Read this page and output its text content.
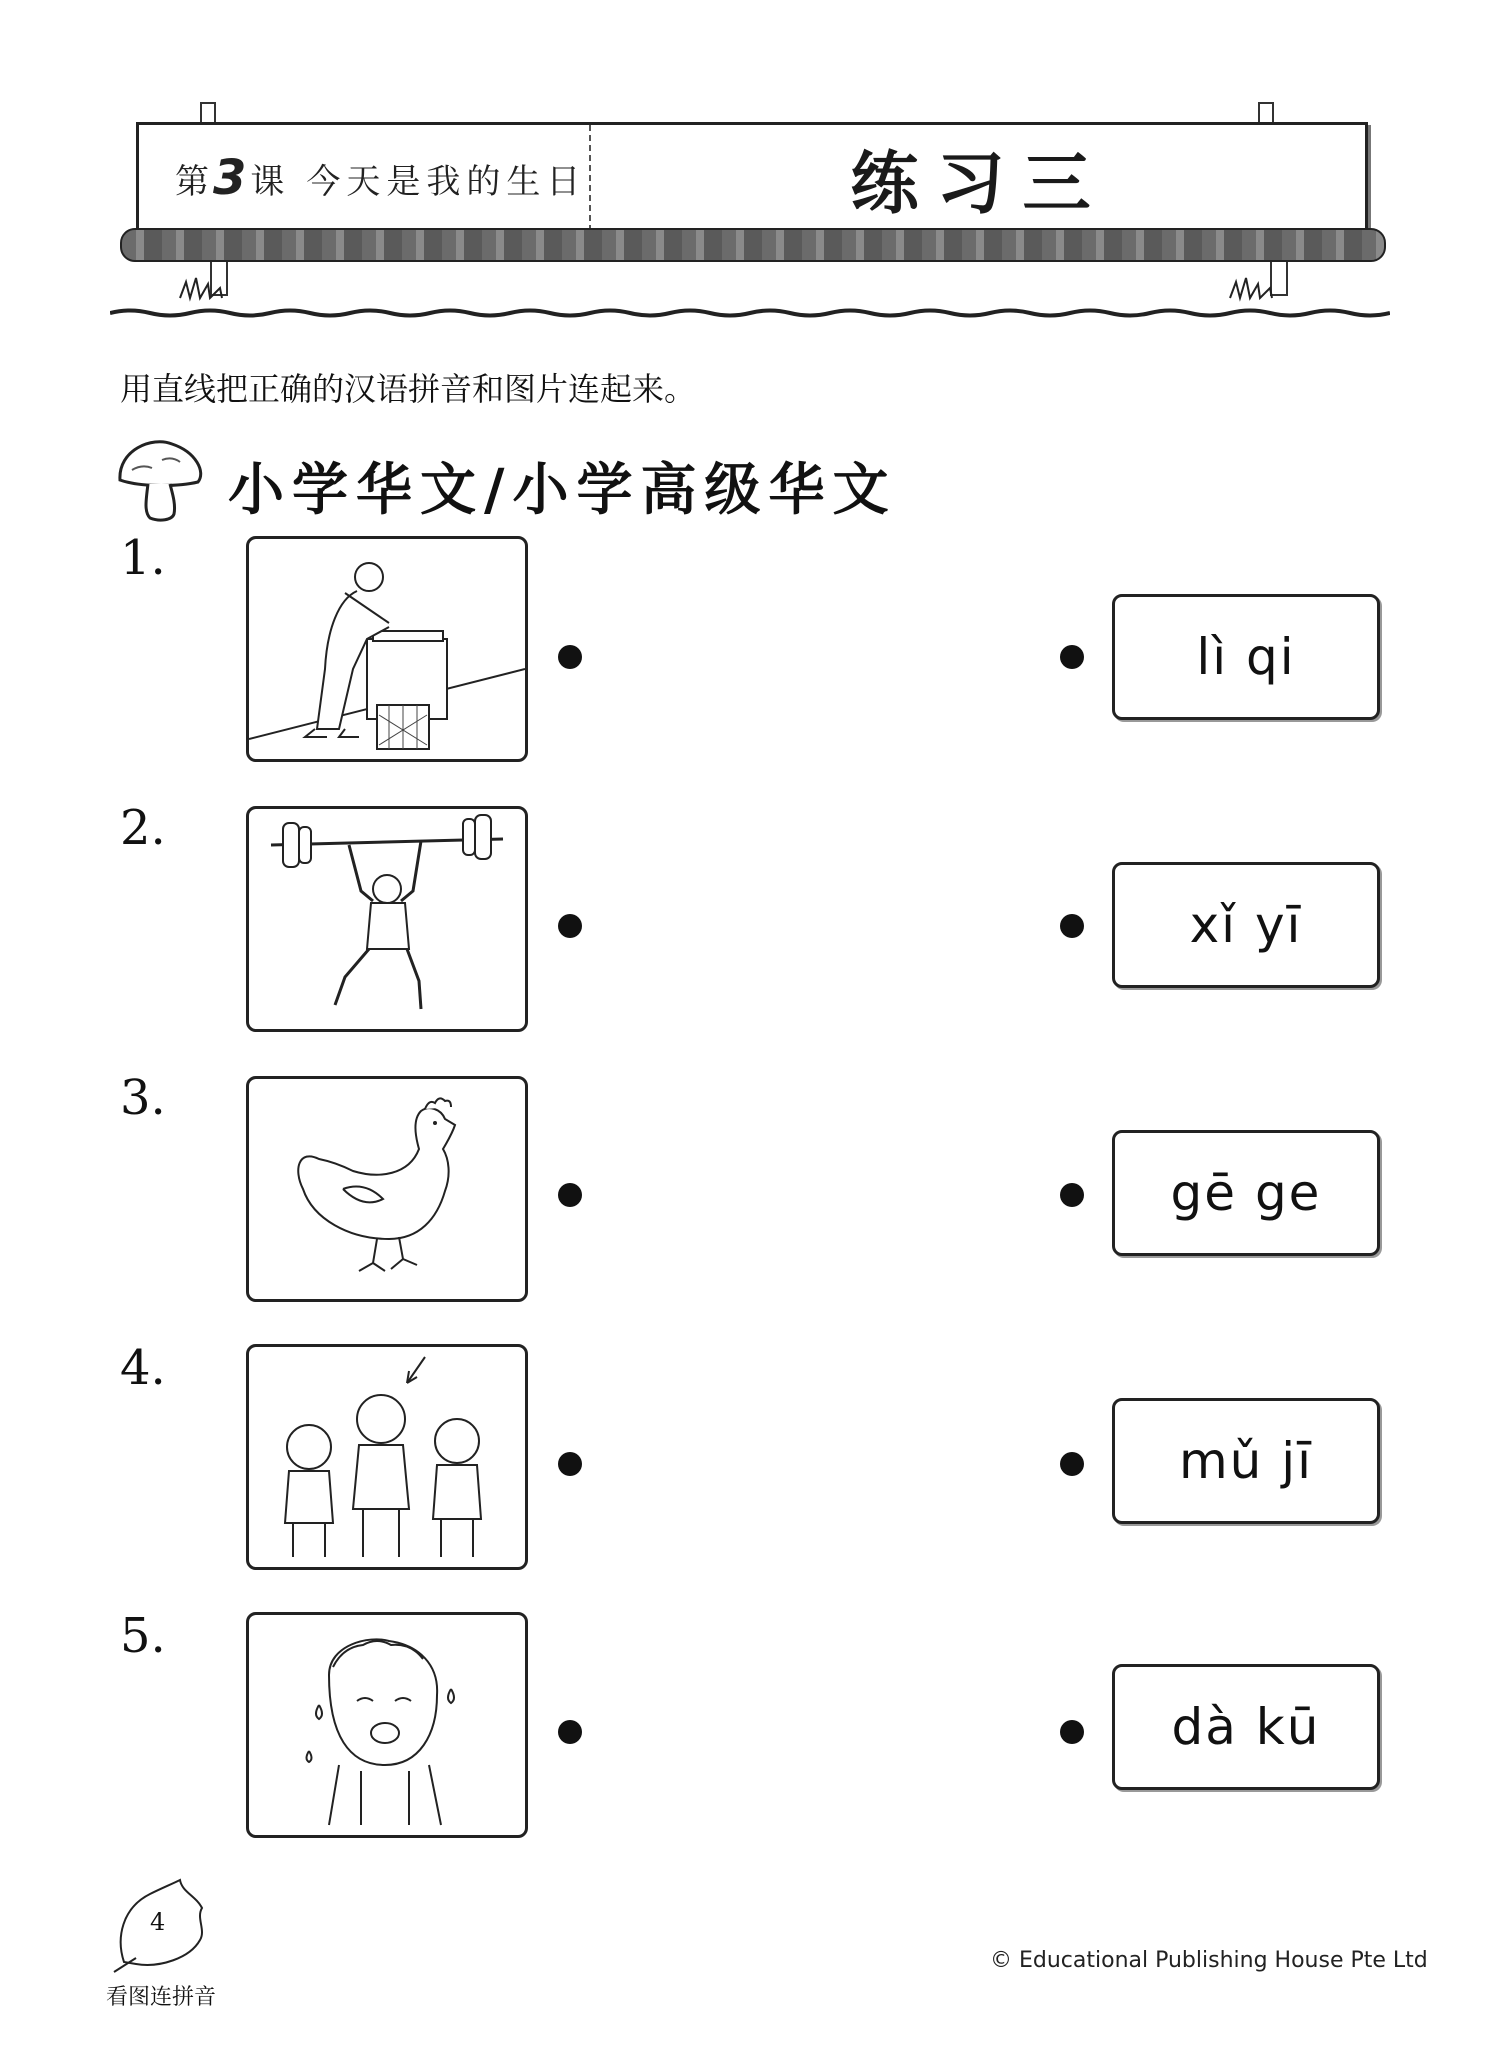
第 3 课 今天是我的生日	练习三
用直线把正确的汉语拼音和图片连起来。
小学华文/小学高级华文
1.
lì qi
2.
xǐ yī
3.
gē ge
4.
mǔ jī
5.
dà kū
4
看图连拼音
© Educational Publishing House Pte Ltd
